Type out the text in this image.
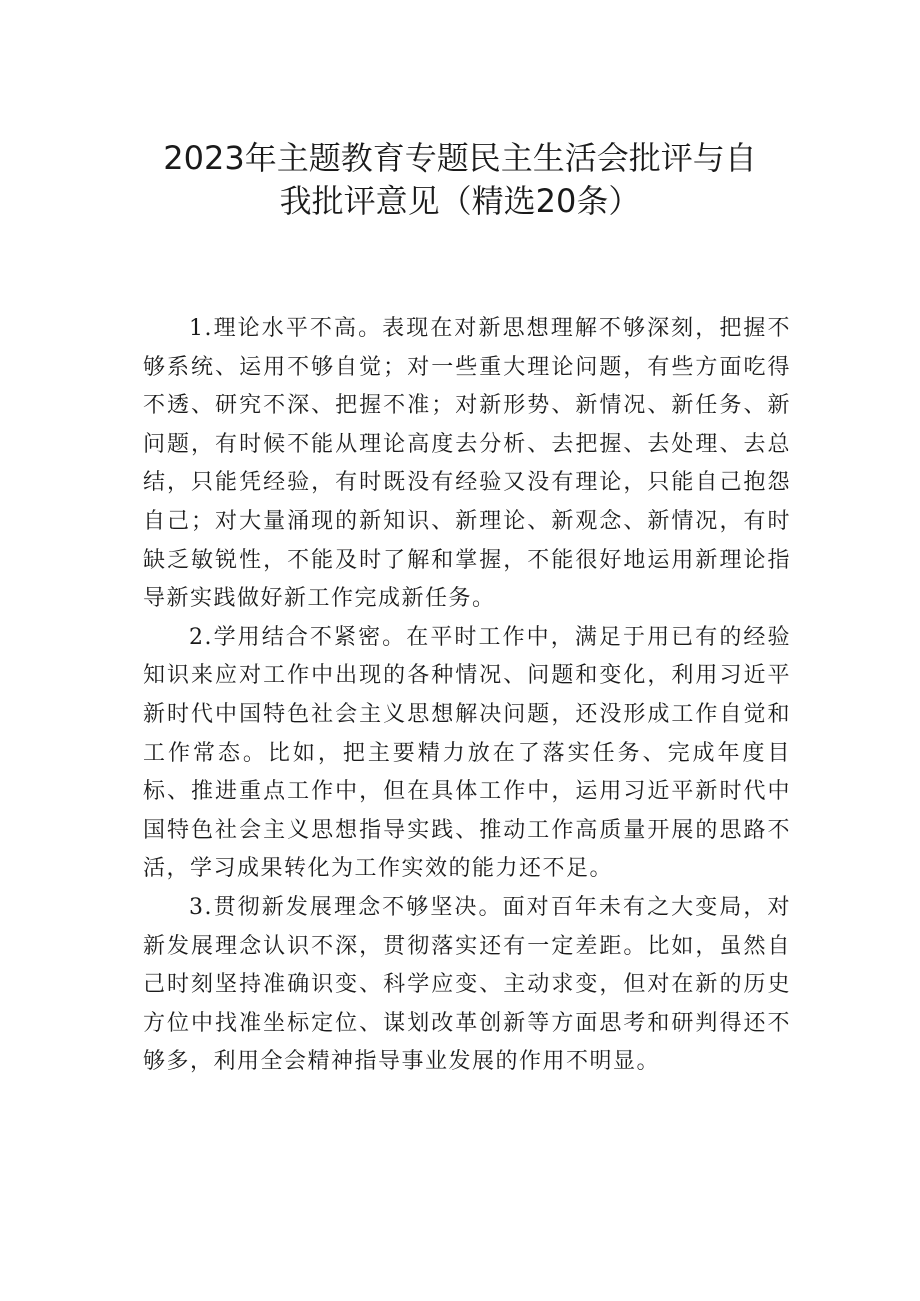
2023年主题教育专题民主生活会批评与自
我批评意见（精选20条）

1.理论水平不高。表现在对新思想理解不够深刻，把握不够系统、运用不够自觉；对一些重大理论问题，有些方面吃得不透、研究不深、把握不准；对新形势、新情况、新任务、新问题，有时候不能从理论高度去分析、去把握、去处理、去总结，只能凭经验，有时既没有经验又没有理论，只能自己抱怨自己；对大量涌现的新知识、新理论、新观念、新情况，有时缺乏敏锐性，不能及时了解和掌握，不能很好地运用新理论指导新实践做好新工作完成新任务。

2.学用结合不紧密。在平时工作中，满足于用已有的经验知识来应对工作中出现的各种情况、问题和变化，利用习近平新时代中国特色社会主义思想解决问题，还没形成工作自觉和工作常态。比如，把主要精力放在了落实任务、完成年度目标、推进重点工作中，但在具体工作中，运用习近平新时代中国特色社会主义思想指导实践、推动工作高质量开展的思路不活，学习成果转化为工作实效的能力还不足。

3.贯彻新发展理念不够坚决。面对百年未有之大变局，对新发展理念认识不深，贯彻落实还有一定差距。比如，虽然自己时刻坚持准确识变、科学应变、主动求变，但对在新的历史方位中找准坐标定位、谋划改革创新等方面思考和研判得还不够多，利用全会精神指导事业发展的作用不明显。
